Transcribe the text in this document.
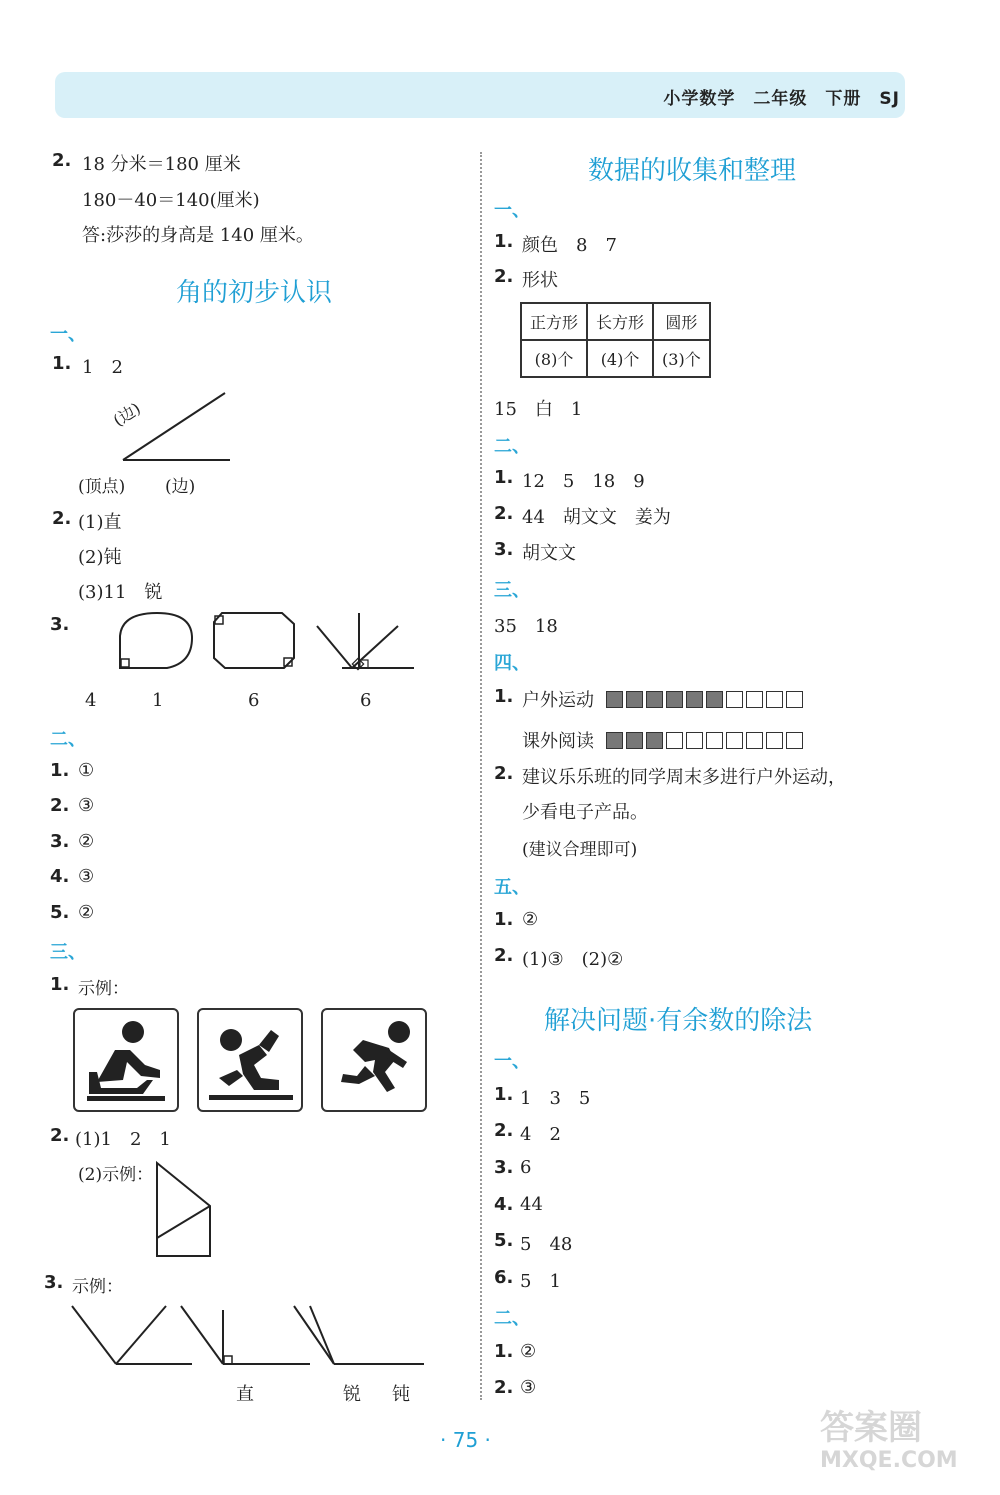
小学数学 二年级 下册 SJ
2. 18 分米＝180 厘米
180－40＝140(厘米)
答:莎莎的身高是 140 厘米。
角的初步认识
一、
1. 1　2
(边)
(顶点) (边)
2. (1)直
(2)钝
(3)11　锐
3.
4	1	6	6
二、
1. ①
2. ③
3. ②
4. ③
5. ②
三、
1. 示例：
2. (1)1　2　1
(2)示例：
3. 示例：
直	锐 钝
数据的收集和整理
一、
1. 颜色　8　7
2. 形状
正方形	长方形	圆形
(8)个	(4)个	(3)个
15　白　1
二、
1. 12　5　18　9
2. 44　胡文文　姜为
3. 胡文文
三、
35　18
四、
1. 户外运动
课外阅读
2. 建议乐乐班的同学周末多进行户外运动，
少看电子产品。
(建议合理即可)
五、
1. ②
2. (1)③　(2)②
解决问题·有余数的除法
一、
1. 1　3　5
2. 4　2
3. 6
4. 44
5. 5　48
6. 5　1
二、
1. ②
2. ③
· 75 ·	答案圈
MXQE.COM
